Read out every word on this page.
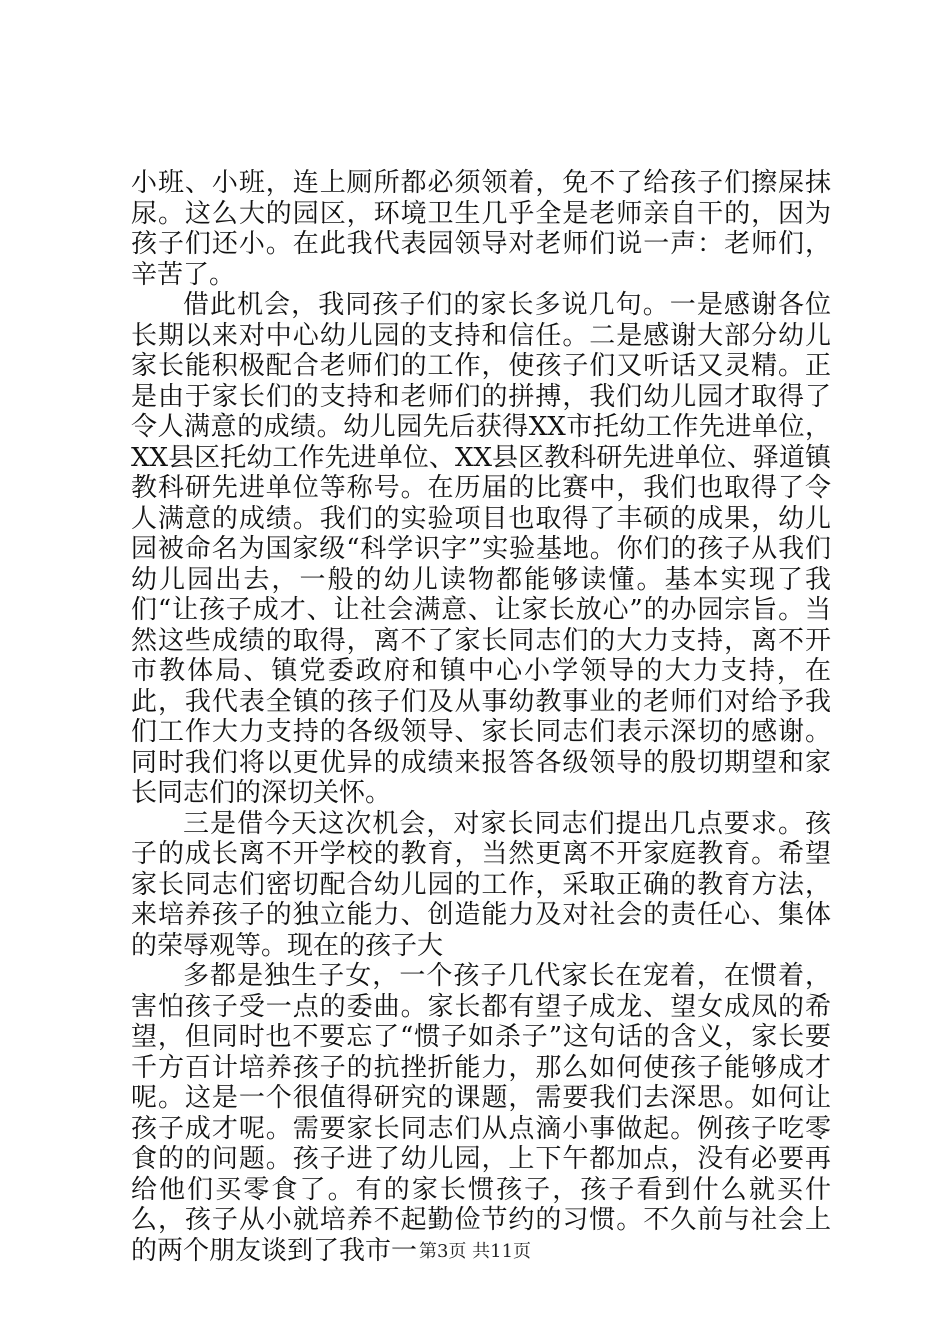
小班、小班，连上厕所都必须领着，免不了给孩子们擦屎抹尿。这么大的园区，环境卫生几乎全是老师亲自干的，因为孩子们还小。在此我代表园领导对老师们说一声：老师们，辛苦了。

借此机会，我同孩子们的家长多说几句。一是感谢各位长期以来对中心幼儿园的支持和信任。二是感谢大部分幼儿家长能积极配合老师们的工作，使孩子们又听话又灵精。正是由于家长们的支持和老师们的拼搏，我们幼儿园才取得了令人满意的成绩。幼儿园先后获得XX市托幼工作先进单位，XX县区托幼工作先进单位、XX县区教科研先进单位、驿道镇教科研先进单位等称号。在历届的比赛中，我们也取得了令人满意的成绩。我们的实验项目也取得了丰硕的成果，幼儿园被命名为国家级“科学识字”实验基地。你们的孩子从我们幼儿园出去，一般的幼儿读物都能够读懂。基本实现了我们“让孩子成才、让社会满意、让家长放心”的办园宗旨。当然这些成绩的取得，离不了家长同志们的大力支持，离不开市教体局、镇党委政府和镇中心小学领导的大力支持，在此，我代表全镇的孩子们及从事幼教事业的老师们对给予我们工作大力支持的各级领导、家长同志们表示深切的感谢。同时我们将以更优异的成绩来报答各级领导的殷切期望和家长同志们的深切关怀。

三是借今天这次机会，对家长同志们提出几点要求。孩子的成长离不开学校的教育，当然更离不开家庭教育。希望家长同志们密切配合幼儿园的工作，采取正确的教育方法，来培养孩子的独立能力、创造能力及对社会的责任心、集体的荣辱观等。现在的孩子大

多都是独生子女，一个孩子几代家长在宠着，在惯着，害怕孩子受一点的委曲。家长都有望子成龙、望女成凤的希望，但同时也不要忘了“惯子如杀子”这句话的含义，家长要千方百计培养孩子的抗挫折能力，那么如何使孩子能够成才呢。这是一个很值得研究的课题，需要我们去深思。如何让孩子成才呢。需要家长同志们从点滴小事做起。例孩子吃零食的的问题。孩子进了幼儿园，上下午都加点，没有必要再给他们买零食了。有的家长惯孩子，孩子看到什么就买什么，孩子从小就培养不起勤俭节约的习惯。不久前与社会上的两个朋友谈到了我市一 第3页 共11页
